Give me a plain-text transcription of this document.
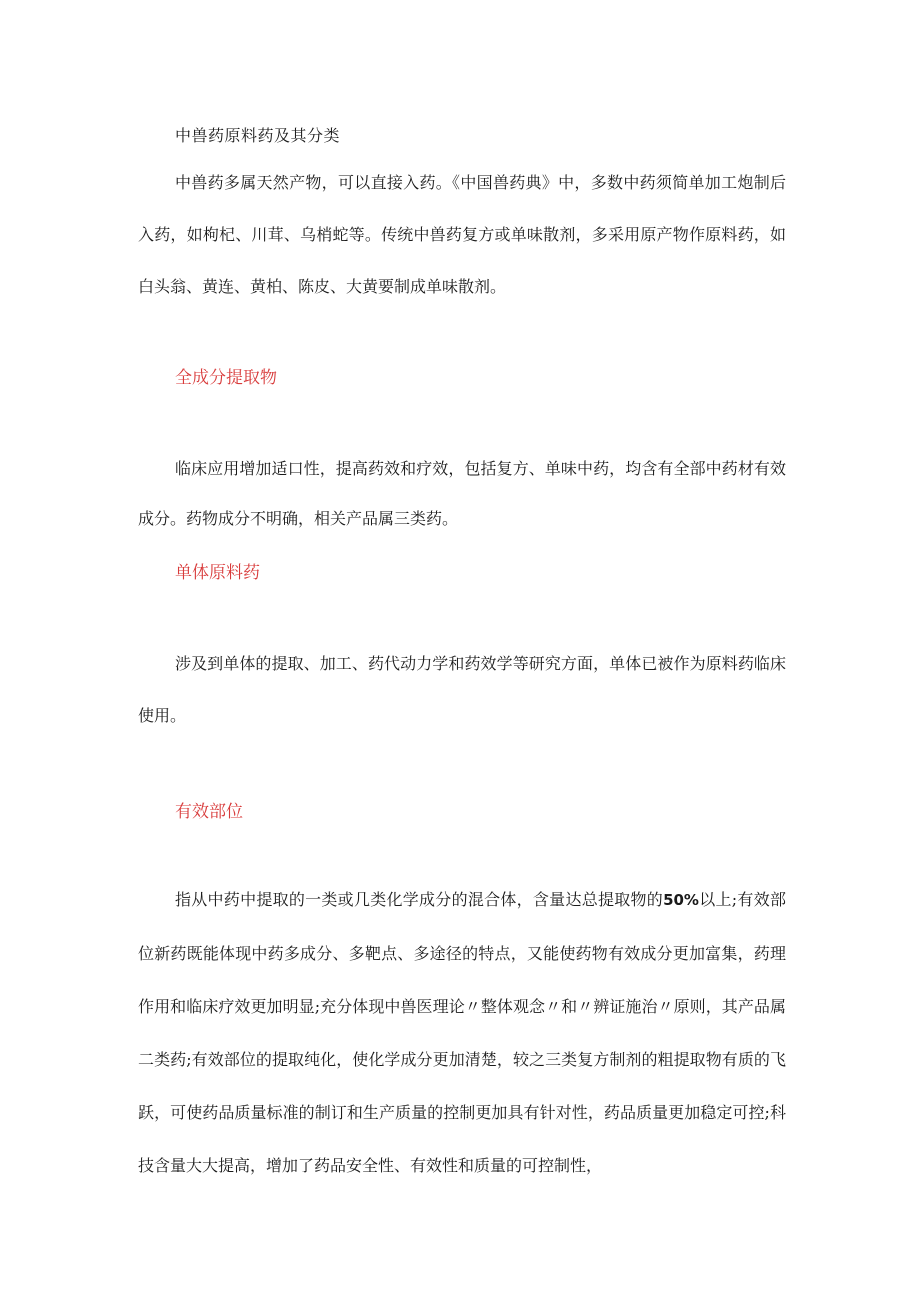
中兽药原料药及其分类

中兽药多属天然产物，可以直接入药。《中国兽药典》中，多数中药须简单加工炮制后入药，如枸杞、川茸、乌梢蛇等。传统中兽药复方或单味散剂，多采用原产物作原料药，如白头翁、黄连、黄柏、陈皮、大黄要制成单味散剂。

全成分提取物

临床应用增加适口性，提高药效和疗效，包括复方、单味中药，均含有全部中药材有效成分。药物成分不明确，相关产品属三类药。

单体原料药

涉及到单体的提取、加工、药代动力学和药效学等研究方面，单体已被作为原料药临床使用。

有效部位

指从中药中提取的一类或几类化学成分的混合体，含量达总提取物的50%以上;有效部位新药既能体现中药多成分、多靶点、多途径的特点，又能使药物有效成分更加富集，药理作用和临床疗效更加明显;充分体现中兽医理论〃整体观念〃和〃辨证施治〃原则，其产品属二类药;有效部位的提取纯化，使化学成分更加清楚，较之三类复方制剂的粗提取物有质的飞跃，可使药品质量标准的制订和生产质量的控制更加具有针对性，药品质量更加稳定可控;科技含量大大提高，增加了药品安全性、有效性和质量的可控制性，
